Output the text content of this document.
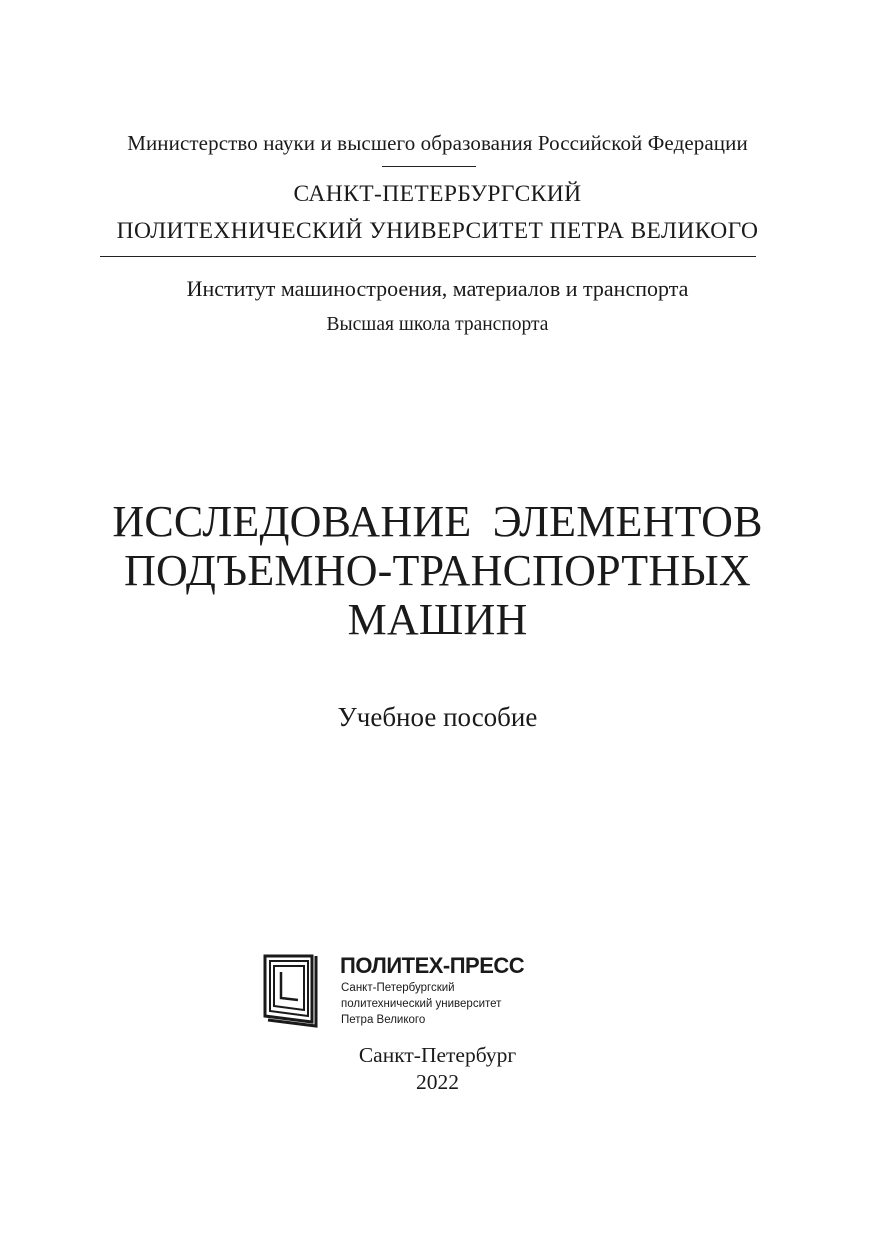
Министерство науки и высшего образования Российской Федерации
САНКТ-ПЕТЕРБУРГСКИЙ
ПОЛИТЕХНИЧЕСКИЙ УНИВЕРСИТЕТ ПЕТРА ВЕЛИКОГО
Институт машиностроения, материалов и транспорта
Высшая школа транспорта
ИССЛЕДОВАНИЕ ЭЛЕМЕНТОВ
ПОДЪЕМНО-ТРАНСПОРТНЫХ
МАШИН
Учебное пособие
ПОЛИТЕХ-ПРЕСС
Санкт-Петербургский
политехнический университет
Петра Великого
Санкт-Петербург
2022
